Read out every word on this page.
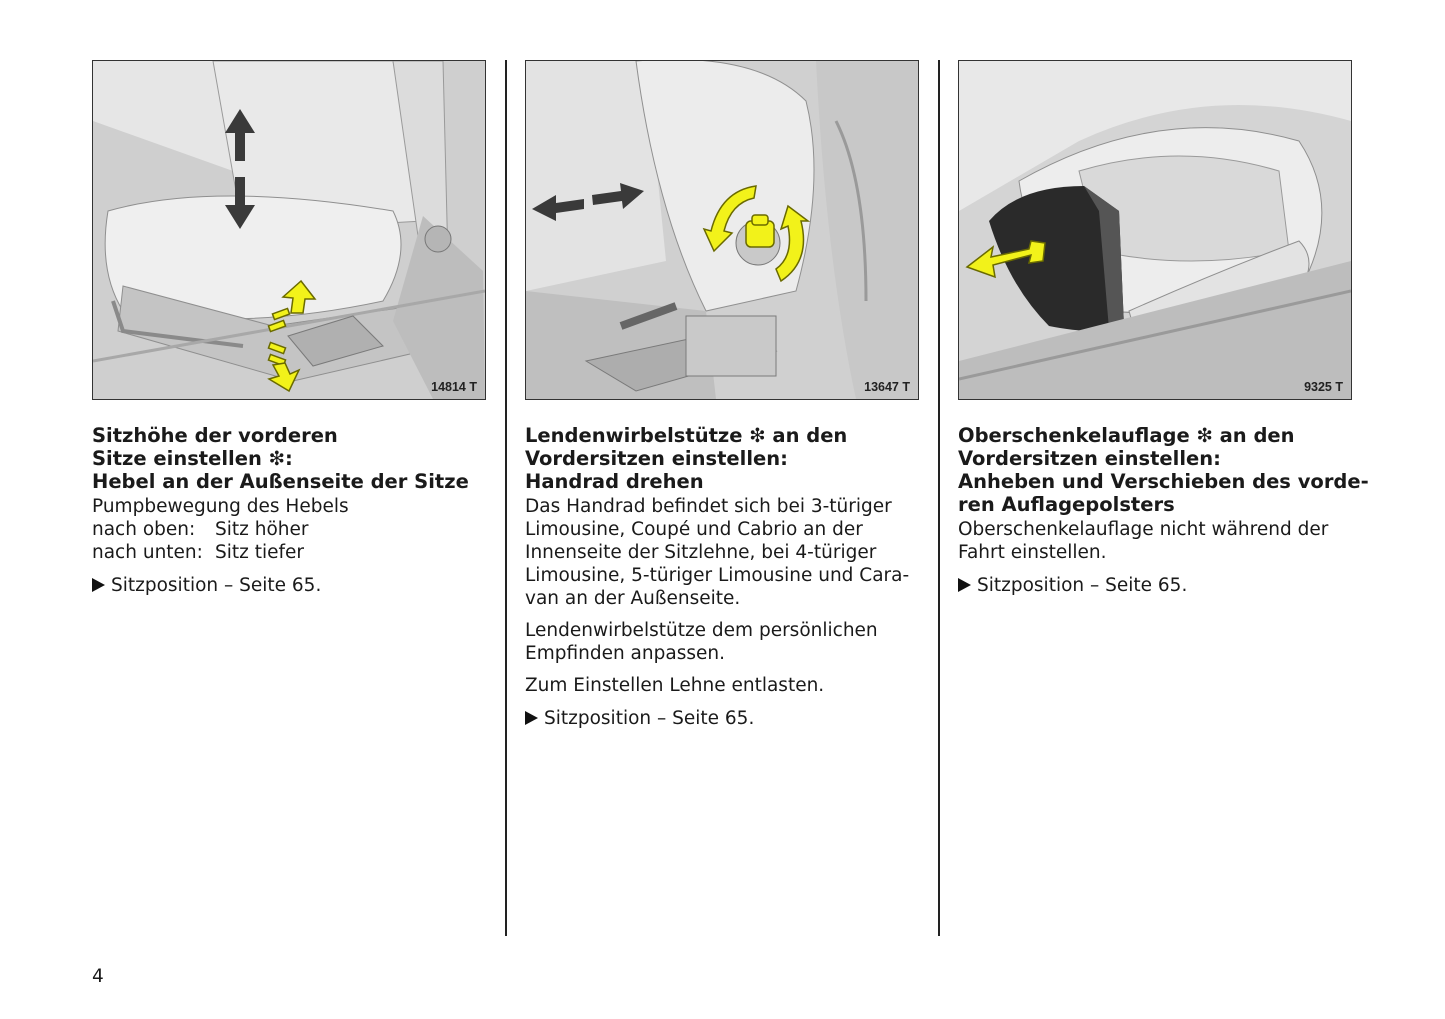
14814 T
Sitzhöhe der vorderen
Sitze einstellen ❇:
Hebel an der Außenseite der Sitze
Pumpbewegung des Hebels
nach oben:	Sitz höher
nach unten: Sitz tiefer
Sitzposition – Seite 65.
13647 T
Lendenwirbelstütze ❇ an den
Vordersitzen einstellen:
Handrad drehen
Das Handrad befindet sich bei 3-türiger
Limousine, Coupé und Cabrio an der
Innenseite der Sitzlehne, bei 4-türiger
Limousine, 5-türiger Limousine und Cara-
van an der Außenseite.
Lendenwirbelstütze dem persönlichen
Empfinden anpassen.
Zum Einstellen Lehne entlasten.
Sitzposition – Seite 65.
9325 T
Oberschenkelauflage ❇ an den
Vordersitzen einstellen:
Anheben und Verschieben des vorde-
ren Auflagepolsters
Oberschenkelauflage nicht während der
Fahrt einstellen.
Sitzposition – Seite 65.
4
